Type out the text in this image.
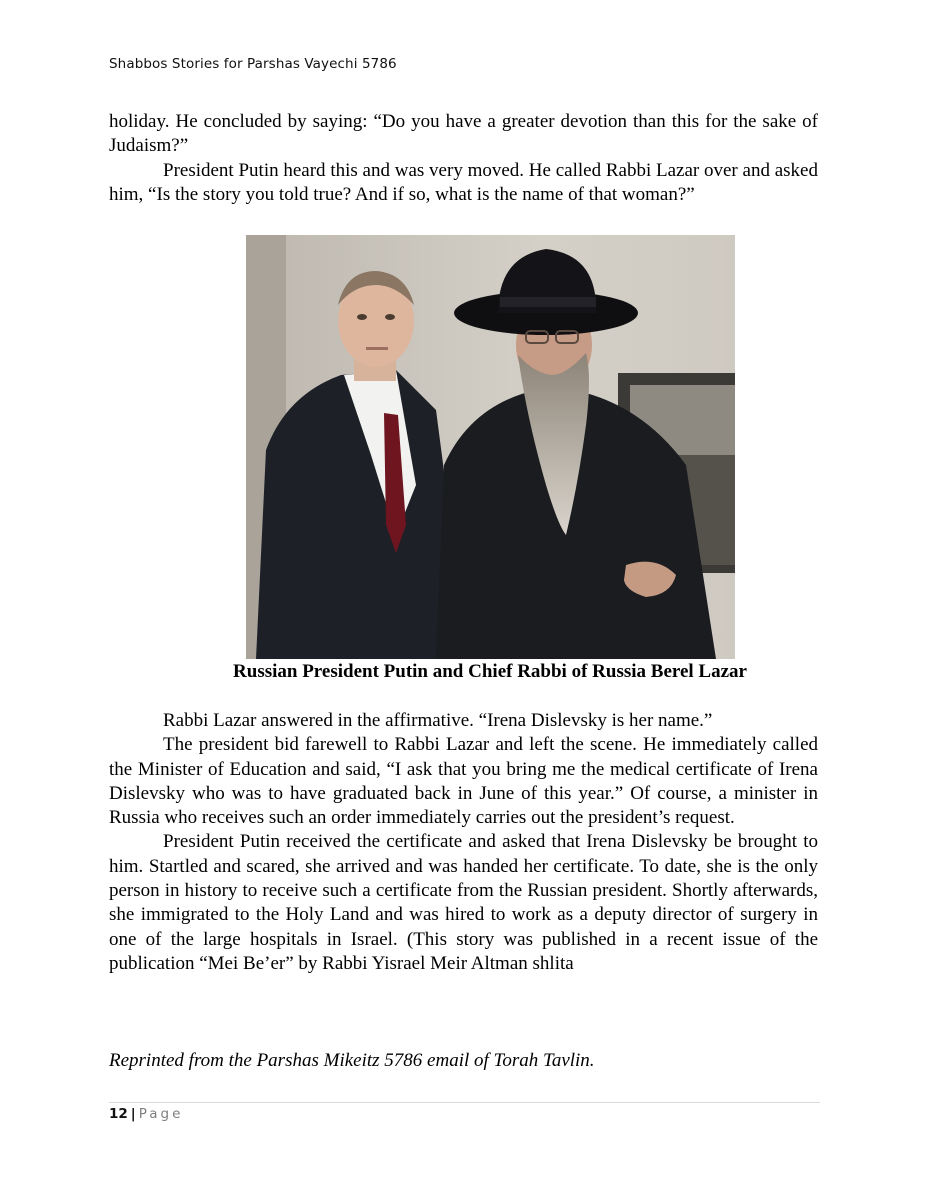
Shabbos Stories for Parshas Vayechi 5786

holiday. He concluded by saying: “Do you have a greater devotion than this for the sake of Judaism?”

President Putin heard this and was very moved. He called Rabbi Lazar over and asked him, “Is the story you told true? And if so, what is the name of that woman?”

Russian President Putin and Chief Rabbi of Russia Berel Lazar

Rabbi Lazar answered in the affirmative. “Irena Dislevsky is her name.”

The president bid farewell to Rabbi Lazar and left the scene. He immediately called the Minister of Education and said, “I ask that you bring me the medical certificate of Irena Dislevsky who was to have graduated back in June of this year.” Of course, a minister in Russia who receives such an order immediately carries out the president’s request.

President Putin received the certificate and asked that Irena Dislevsky be brought to him. Startled and scared, she arrived and was handed her certificate. To date, she is the only person in history to receive such a certificate from the Russian president. Shortly afterwards, she immigrated to the Holy Land and was hired to work as a deputy director of surgery in one of the large hospitals in Israel. (This story was published in a recent issue of the publication “Mei Be’er” by Rabbi Yisrael Meir Altman shlita

Reprinted from the Parshas Mikeitz 5786 email of Torah Tavlin.
12 | Page
